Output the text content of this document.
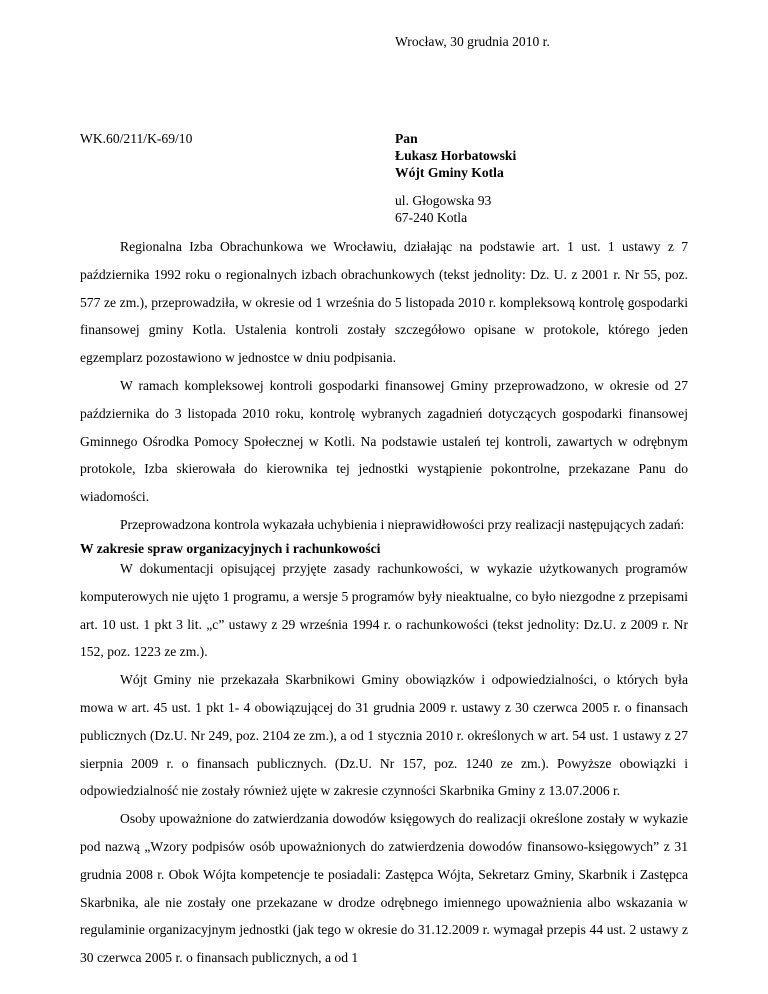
Wrocław, 30 grudnia 2010 r.
WK.60/211/K-69/10	Pan
Łukasz Horbatowski
Wójt Gminy Kotla
ul. Głogowska 93
67-240 Kotla

Regionalna Izba Obrachunkowa we Wrocławiu, działając na podstawie art. 1 ust. 1 ustawy z 7 października 1992 roku o regionalnych izbach obrachunkowych (tekst jednolity: Dz. U. z 2001 r. Nr 55, poz. 577 ze zm.), przeprowadziła, w okresie od 1 września do 5 listopada 2010 r. kompleksową kontrolę gospodarki finansowej gminy Kotla. Ustalenia kontroli zostały szczegółowo opisane w protokole, którego jeden egzemplarz pozostawiono w jednostce w dniu podpisania.

W ramach kompleksowej kontroli gospodarki finansowej Gminy przeprowadzono, w okresie od 27 października do 3 listopada 2010 roku, kontrolę wybranych zagadnień dotyczących gospodarki finansowej Gminnego Ośrodka Pomocy Społecznej w Kotli. Na podstawie ustaleń tej kontroli, zawartych w odrębnym protokole, Izba skierowała do kierownika tej jednostki wystąpienie pokontrolne, przekazane Panu do wiadomości.

Przeprowadzona kontrola wykazała uchybienia i nieprawidłowości przy realizacji następujących zadań:

W zakresie spraw organizacyjnych i rachunkowości

W dokumentacji opisującej przyjęte zasady rachunkowości, w wykazie użytkowanych programów komputerowych nie ujęto 1 programu, a wersje 5 programów były nieaktualne, co było niezgodne z przepisami art. 10 ust. 1 pkt 3 lit. „c” ustawy z 29 września 1994 r. o rachunkowości (tekst jednolity: Dz.U. z 2009 r. Nr 152, poz. 1223 ze zm.).

Wójt Gminy nie przekazała Skarbnikowi Gminy obowiązków i odpowiedzialności, o których była mowa w art. 45 ust. 1 pkt 1- 4 obowiązującej do 31 grudnia 2009 r. ustawy z 30 czerwca 2005 r. o finansach publicznych (Dz.U. Nr 249, poz. 2104 ze zm.), a od 1 stycznia 2010 r. określonych w art. 54 ust. 1 ustawy z 27 sierpnia 2009 r. o finansach publicznych. (Dz.U. Nr 157, poz. 1240 ze zm.). Powyższe obowiązki i odpowiedzialność nie zostały również ujęte w zakresie czynności Skarbnika Gminy z 13.07.2006 r.

Osoby upoważnione do zatwierdzania dowodów księgowych do realizacji określone zostały w wykazie pod nazwą „Wzory podpisów osób upoważnionych do zatwierdzenia dowodów finansowo-księgowych” z 31 grudnia 2008 r. Obok Wójta kompetencje te posiadali: Zastępca Wójta, Sekretarz Gminy, Skarbnik i Zastępca Skarbnika, ale nie zostały one przekazane w drodze odrębnego imiennego upoważnienia albo wskazania w regulaminie organizacyjnym jednostki (jak tego w okresie do 31.12.2009 r. wymagał przepis 44 ust. 2 ustawy z 30 czerwca 2005 r. o finansach publicznych, a od 1
